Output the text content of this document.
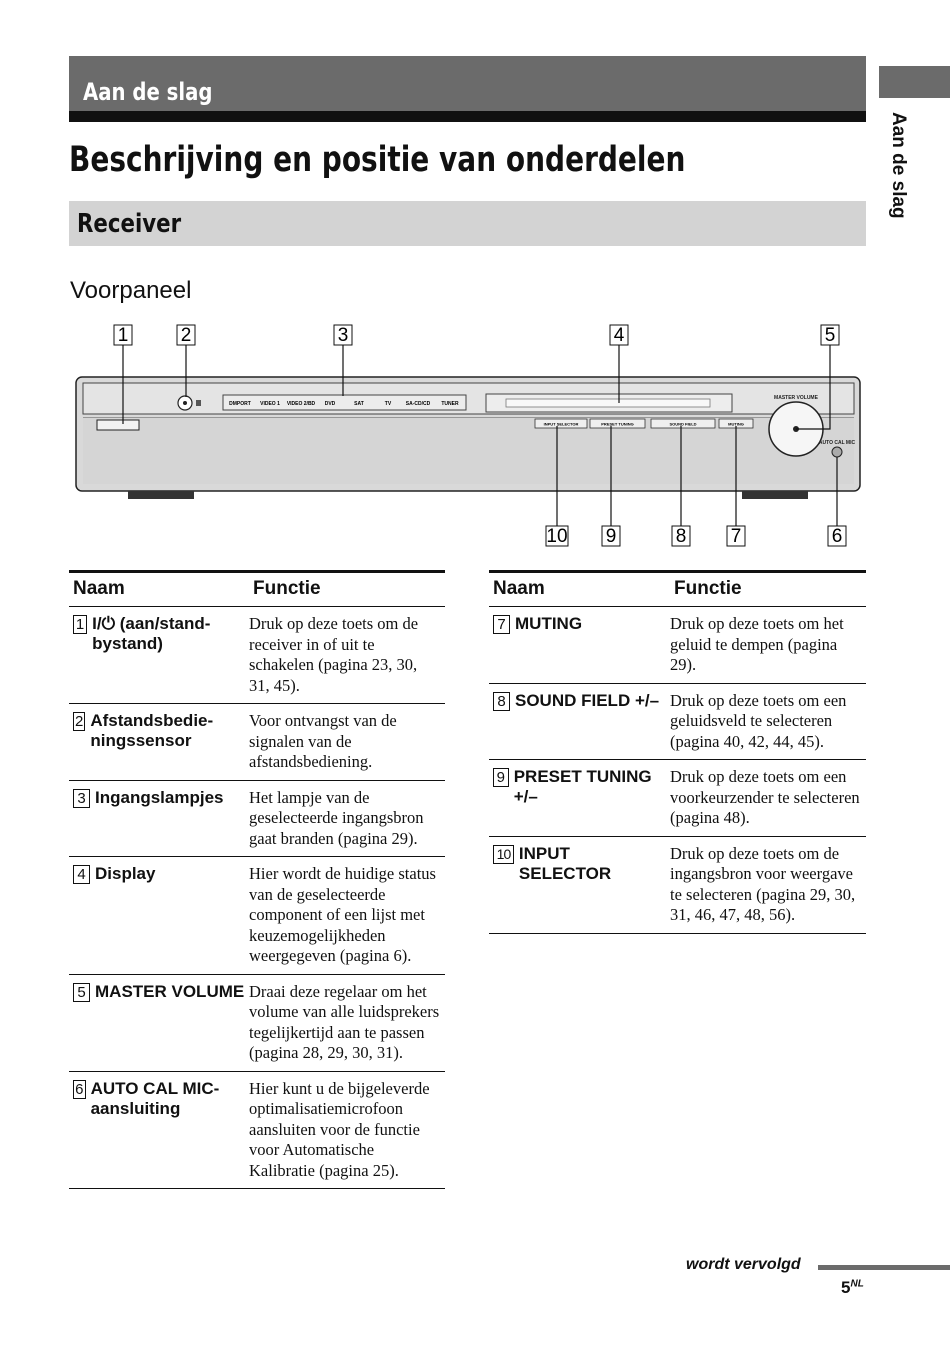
Aan de slag
Beschrijving en positie van onderdelen
Receiver
Aan de slag
Voorpaneel
DMPORT VIDEO 1 VIDEO 2/BD DVD	SAT	TV	SA-CD/CD TUNER
INPUT SELECTOR	PRESET TUNING	SOUND FIELD	MUTING
MASTER VOLUME
AUTO CAL MIC
1	2	3	4	5
10 9	8 7	6
Naam	Functie

1 I/⏻ (aan/stand-bystand)	Druk op deze toets om de receiver in of uit te schakelen (pagina 23, 30, 31, 45).

2 Afstandsbedie-ningssensor	Voor ontvangst van de signalen van de afstandsbediening.

3 Ingangslampjes	Het lampje van de geselecteerde ingangsbron gaat branden (pagina 29).

4 Display	Hier wordt de huidige status van de geselecteerde component of een lijst met keuzemogelijkheden weergegeven (pagina 6).

5 MASTER VOLUME	Draai deze regelaar om het volume van alle luidsprekers tegelijkertijd aan te passen (pagina 28, 29, 30, 31).

6 AUTO CAL MIC-aansluiting	Hier kunt u de bijgeleverde optimalisatiemicrofoon aansluiten voor de functie voor Automatische Kalibratie (pagina 25).
Naam	Functie

7 MUTING	Druk op deze toets om het geluid te dempen (pagina 29).

8 SOUND FIELD +/–	Druk op deze toets om een geluidsveld te selecteren (pagina 40, 42, 44, 45).

9 PRESET TUNING +/–	Druk op deze toets om een voorkeurzender te selecteren (pagina 48).

10 INPUT SELECTOR	Druk op deze toets om de ingangsbron voor weergave te selecteren (pagina 29, 30, 31, 46, 47, 48, 56).
wordt vervolgd
$5^{NL}$
